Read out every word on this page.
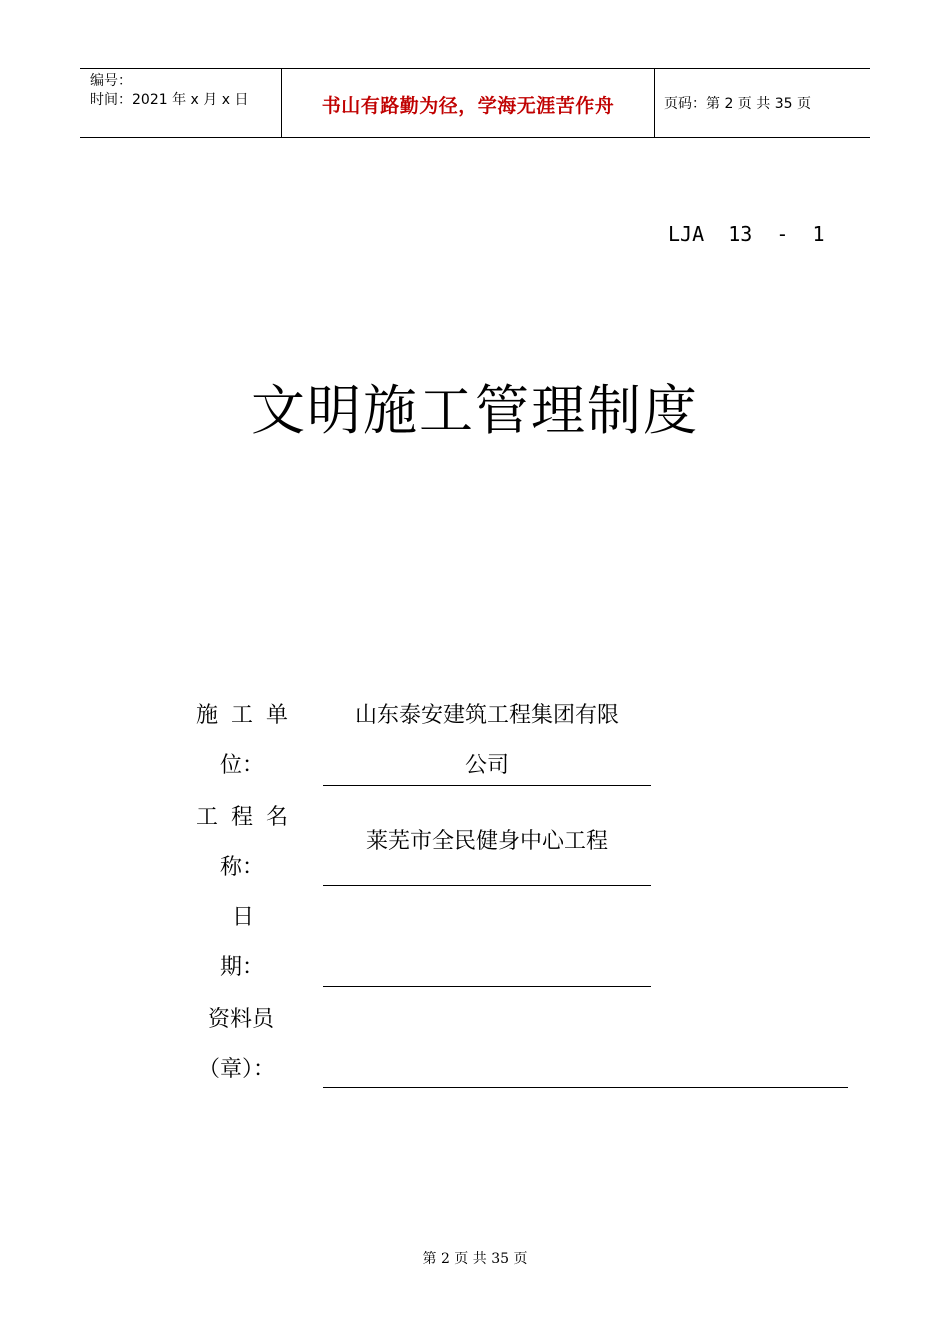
编号：
时间：2021 年 x 月 x 日	书山有路勤为径，学海无涯苦作舟	页码：第 2 页 共 35 页
LJA  13  -  1
文明施工管理制度
施 工 单
位：
山东泰安建筑工程集团有限
公司
工 程 名
称：
莱芜市全民健身中心工程
日
期：
资料员
（章）：
第 2 页 共 35 页
